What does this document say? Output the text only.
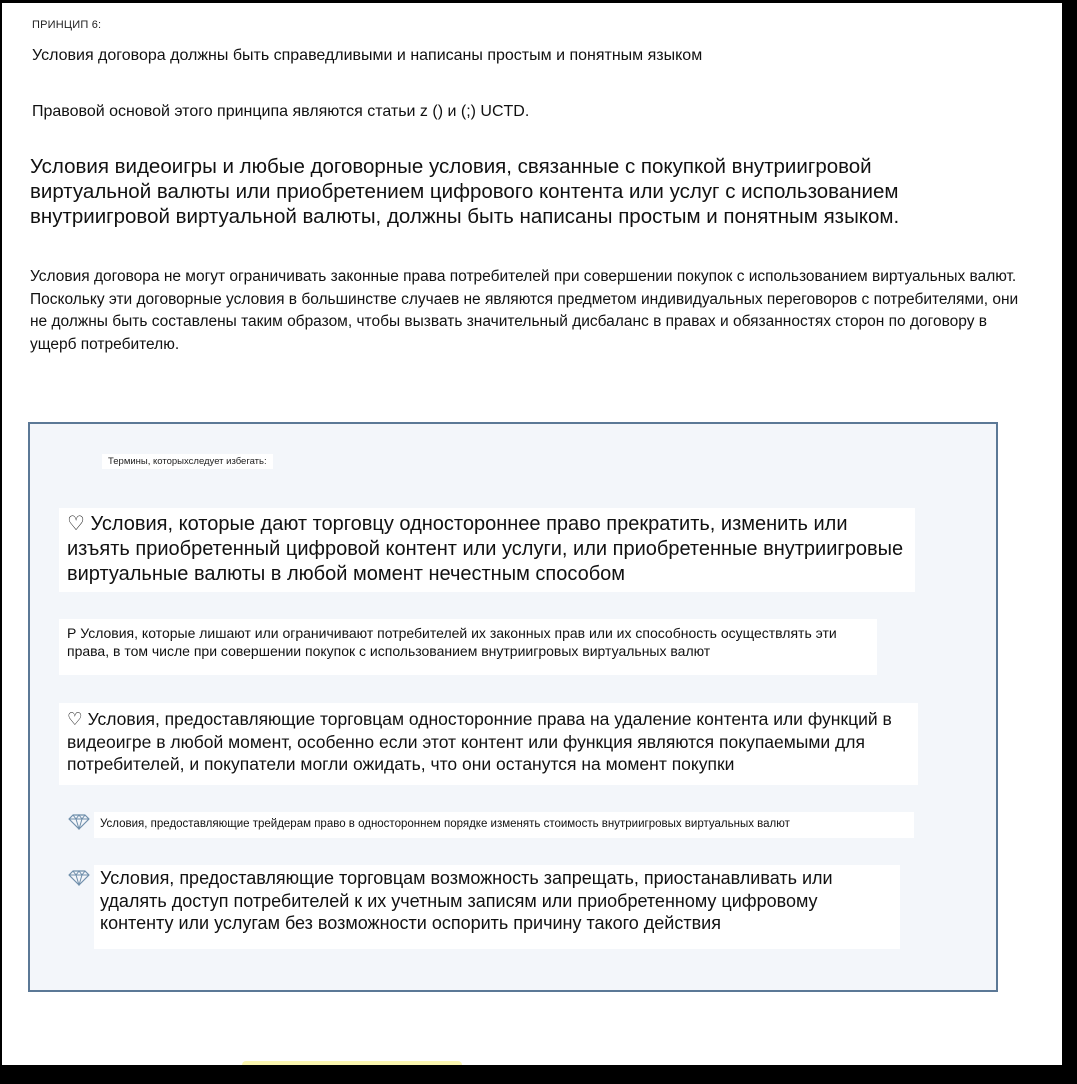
ПРИНЦИП 6:
Условия договора должны быть справедливыми и написаны простым и понятным языком
Правовой основой этого принципа являются статьи z () и (;) UCTD.
Условия видеоигры и любые договорные условия, связанные с покупкой внутриигровой виртуальной валюты или приобретением цифрового контента или услуг с использованием внутриигровой виртуальной валюты, должны быть написаны простым и понятным языком.
Условия договора не могут ограничивать законные права потребителей при совершении покупок с использованием виртуальных валют. Поскольку эти договорные условия в большинстве случаев не являются предметом индивидуальных переговоров с потребителями, они не должны быть составлены таким образом, чтобы вызвать значительный дисбаланс в правах и обязанностях сторон по договору в ущерб потребителю.
Термины, которыхследует избегать:
♡ Условия, которые дают торговцу одностороннее право прекратить, изменить или изъять приобретенный цифровой контент или услуги, или приобретенные внутриигровые виртуальные валюты в любой момент нечестным способом
Р Условия, которые лишают или ограничивают потребителей их законных прав или их способность осуществлять эти права, в том числе при совершении покупок с использованием внутриигровых виртуальных валют
♡ Условия, предоставляющие торговцам односторонние права на удаление контента или функций в видеоигре в любой момент, особенно если этот контент или функция являются покупаемыми для потребителей, и покупатели могли ожидать, что они останутся на момент покупки
Условия, предоставляющие трейдерам право в одностороннем порядке изменять стоимость внутриигровых виртуальных валют
Условия, предоставляющие торговцам возможность запрещать, приостанавливать или удалять доступ потребителей к их учетным записям или приобретенному цифровому контенту или услугам без возможности оспорить причину такого действия
